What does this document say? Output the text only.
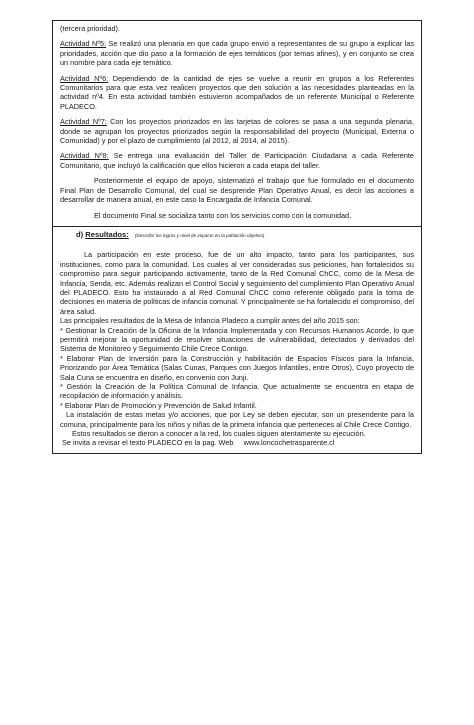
(tercera prioridad).

Actividad Nº5: Se realizó una plenaria en que cada grupo envió a representantes de su grupo a explicar las prioridades, acción que dio paso a la formación de ejes temáticos (por temas afines), y en conjunto se crea un nombre para cada eje temático.

Actividad Nº6: Dependiendo de la cantidad de ejes se vuelve a reunir en grupos a los Referentes Comunitarios para que esta vez realicen proyectos que den solución a las necesidades planteadas en la actividad nº4. En esta actividad también estuvieron acompañados de un referente Municipal o Referente PLADECO.

Actividad Nº7: Con los proyectos priorizados en las tarjetas de colores se pasa a una segunda plenaria, donde se agrupan los proyectos priorizados según la responsabilidad del proyecto (Municipal, Externa o Comunidad) y por el plazo de cumplimiento (al 2012, al 2014, al 2015).

Actividad Nº8: Se entrega una evaluación del Taller de Participación Ciudadana a cada Referente Comunitario, que incluyó la calificación que ellos hicieron a cada etapa del taller.

Posteriormente el equipo de apoyo, sistematizó el trabajo que fue formulado en el documento Final Plan de Desarrollo Comunal, del cual se desprende Plan Operativo Anual, es decir las acciones a desarrollar de manera anual, en este caso la Encargada de Infancia Comunal.

El documento Final se socializa tanto con los servicios como con la comunidad.

d) Resultados: (Describir los logros y nivel de impacto en la población objetivo)

La participación en este proceso, fue de un alto impacto, tanto para los participantes, sus instituciones, como para la comunidad. Los cuales al ver consideradas sus peticiones, han fortalecidos su compromiso para seguir participando activamente, tanto de la Red Comunal ChCC, como de la Mesa de Infancia, Senda, etc. Además realizan el Control Social y seguimiento del cumplimiento Plan Operativo Anual del PLADECO. Esto ha instaurado a al Red Comunal ChCC como referente obligado para la toma de decisiones en materia de políticas de infancia comunal. Y principalmente se ha fortalecido el compromiso, del área salud.

Las principales resultados de la Mesa de Infancia Pladeco a cumplir antes del año 2015 son:

* Gestionar la Creación de la Oficina de la Infancia Implementada y con Recursos Humanos Acorde, lo que permitirá mejorar la oportunidad de resolver situaciones de vulnerabilidad, detectados y derivados del Sistema de Monitoreo y Seguimiento Chile Crece Contigo.

* Elaborar Plan de Inversión para la Construcción y habilitación de Espacios Físicos para la Infancia, Priorizando por Área Temática (Salas Cunas, Parques con Juegos Infantiles, entre Otros), Cuyo proyecto de Sala Cuna se encuentra en diseño, en convenio con Junji.

* Gestión la Creación de la Política Comunal de Infancia. Que actualmente se encuentra en etapa de recopilación de información y análisis.

* Elaborar Plan de Promoción y Prevención de Salud Infantil.

La instalación de estas metas y/o acciones, que por Ley se deben ejecutar, son un presendente para la comuna, principalmente para los niños y niñas de la primera infancia que perteneces al Chile Crece Contigo.

Estos resultados se dieron a conocer a la red, los cuales siguen atentamente su ejecución.

Se invita a revisar el texto PLADECO en la pag. Web www.loncochetrasparente.cl
